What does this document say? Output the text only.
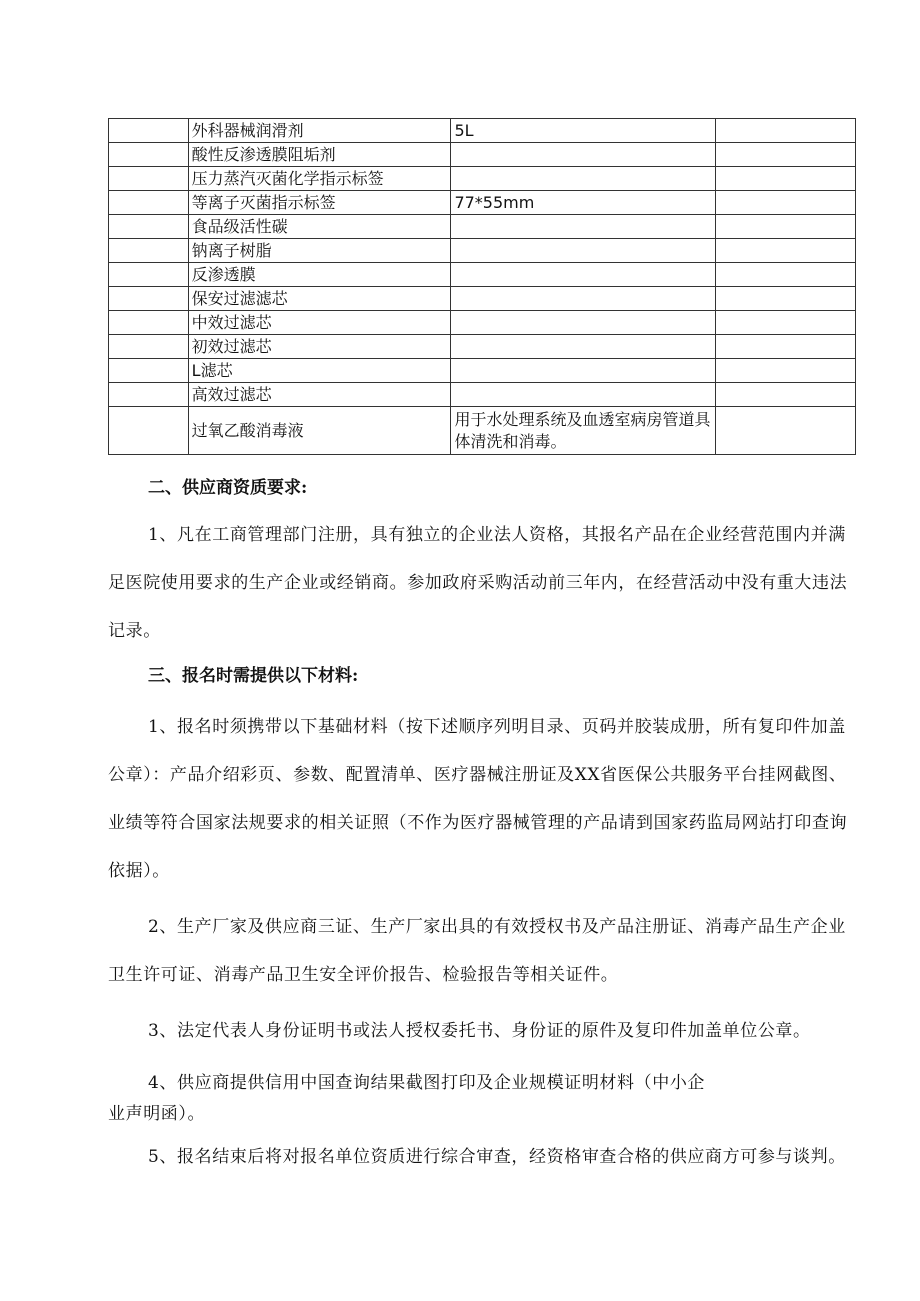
	外科器械润滑剂	5L	
	酸性反渗透膜阻垢剂		
	压力蒸汽灭菌化学指示标签		
	等离子灭菌指示标签	77*55mm	
	食品级活性碳		
	钠离子树脂		
	反渗透膜		
	保安过滤滤芯		
	中效过滤芯		
	初效过滤芯		
	L滤芯		
	高效过滤芯		
	过氧乙酸消毒液	用于水处理系统及血透室病房管道具体清洗和消毒。	
二、供应商资质要求:

1、凡在工商管理部门注册，具有独立的企业法人资格，其报名产品在企业经营范围内并满足医院使用要求的生产企业或经销商。参加政府采购活动前三年内，在经营活动中没有重大违法记录。

三、报名时需提供以下材料:

1、报名时须携带以下基础材料（按下述顺序列明目录、页码并胶装成册，所有复印件加盖公章）：产品介绍彩页、参数、配置清单、医疗器械注册证及XX省医保公共服务平台挂网截图、业绩等符合国家法规要求的相关证照（不作为医疗器械管理的产品请到国家药监局网站打印查询依据）。

2、生产厂家及供应商三证、生产厂家出具的有效授权书及产品注册证、消毒产品生产企业卫生许可证、消毒产品卫生安全评价报告、检验报告等相关证件。

3、法定代表人身份证明书或法人授权委托书、身份证的原件及复印件加盖单位公章。

4、供应商提供信用中国查询结果截图打印及企业规模证明材料（中小企

业声明函）。

5、报名结束后将对报名单位资质进行综合审查，经资格审查合格的供应商方可参与谈判。
